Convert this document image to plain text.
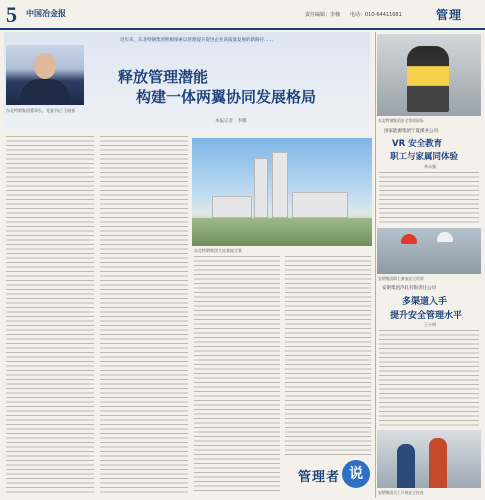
5 中国冶金报	责任编辑：李楠　　电话：010-64411681	管理
东北特钢集团董事长、党委书记 王晓春
近年来，东北特钢集团积极探索以管理提升促进企业高质量发展的新路径……
释放管理潜能
构建一体两翼协同发展格局
本报记者　李娜
东北特钢集团大连基地全景
东北特钢集团安全培训现场
国家能源集团宁夏煤业公司
VR 安全教育
职工与家属同体验
李永强
安钢集团职工参加安全培训
安钢集团冷轧有限责任公司
多渠道入手
提升安全管理水平
王小明
安钢集团员工开展安全检查
管理者 说
